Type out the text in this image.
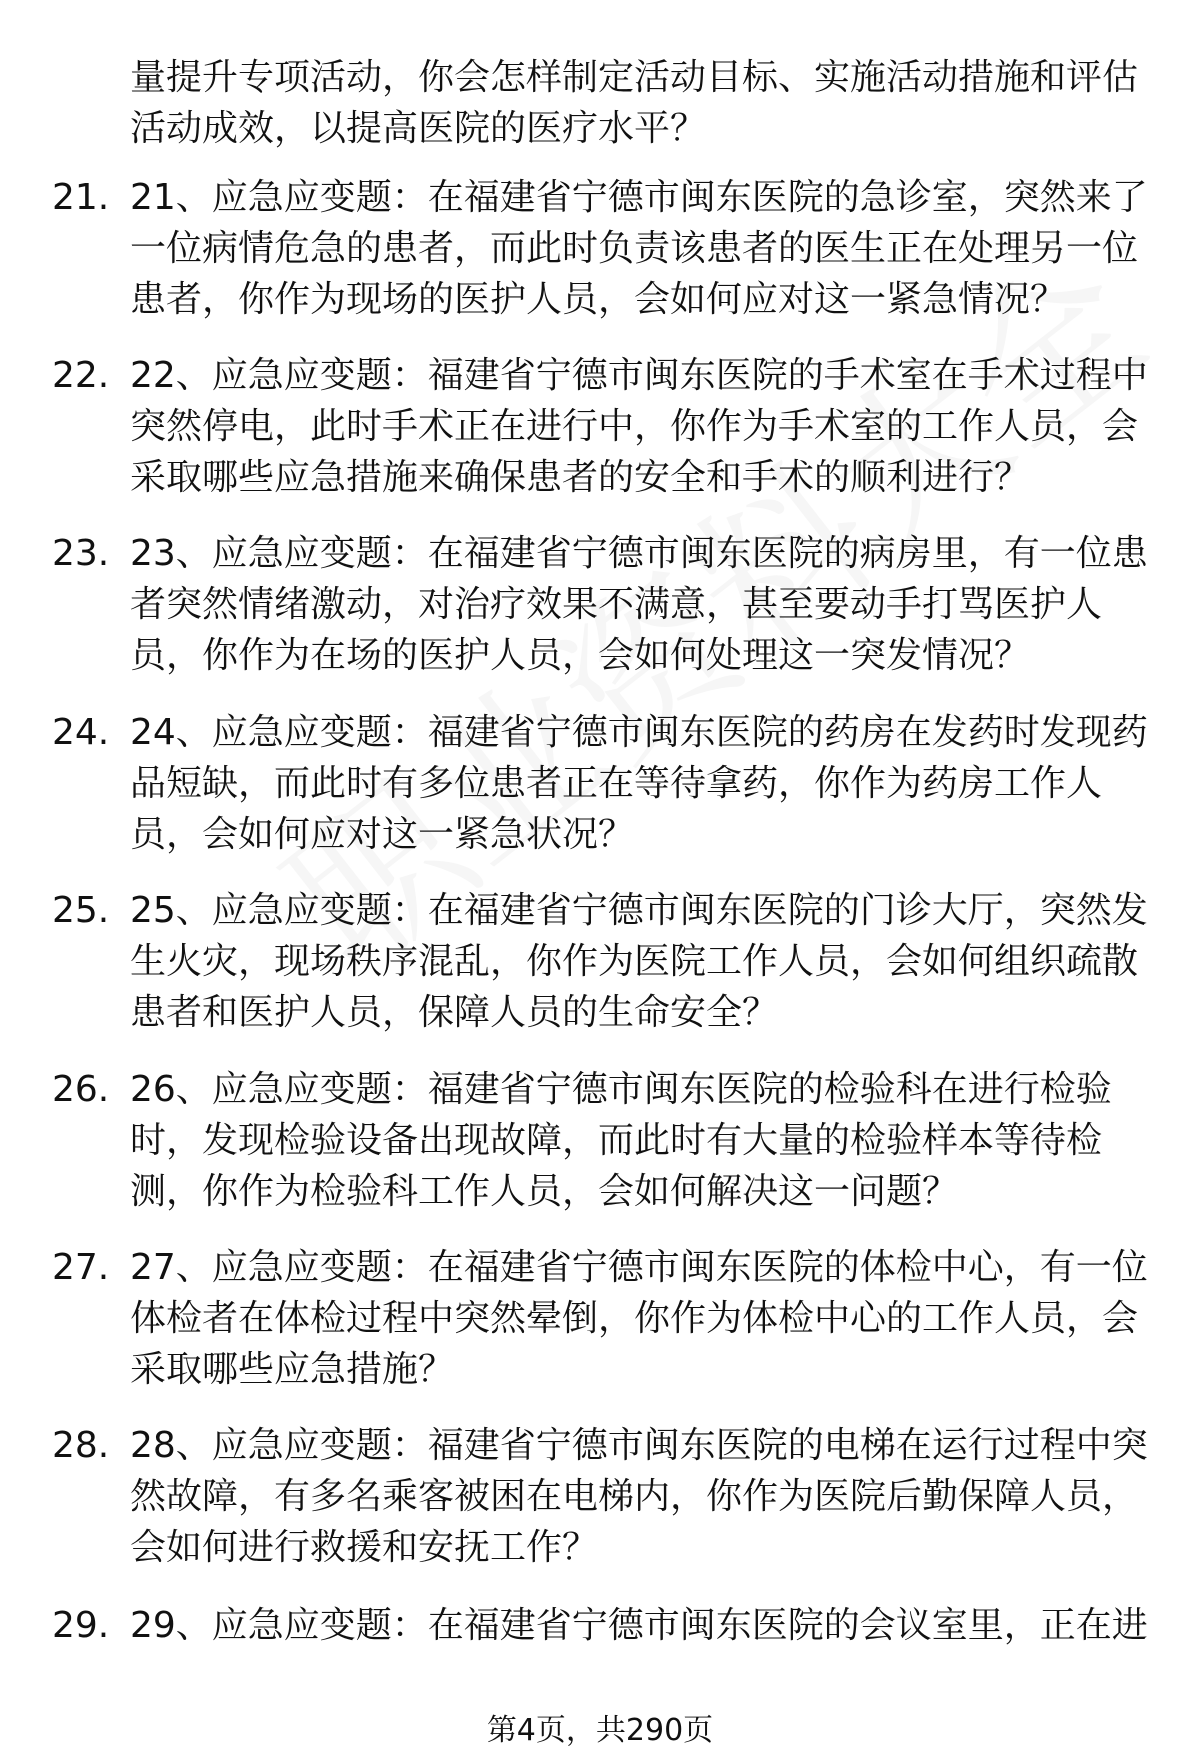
量提升专项活动，你会怎样制定活动目标、实施活动措施和评估
活动成效，以提高医院的医疗水平？
21. 21、应急应变题：在福建省宁德市闽东医院的急诊室，突然来了
一位病情危急的患者，而此时负责该患者的医生正在处理另一位
患者，你作为现场的医护人员，会如何应对这一紧急情况？
22. 22、应急应变题：福建省宁德市闽东医院的手术室在手术过程中
突然停电，此时手术正在进行中，你作为手术室的工作人员，会
采取哪些应急措施来确保患者的安全和手术的顺利进行？
23. 23、应急应变题：在福建省宁德市闽东医院的病房里，有一位患
者突然情绪激动，对治疗效果不满意，甚至要动手打骂医护人
员，你作为在场的医护人员，会如何处理这一突发情况？
24. 24、应急应变题：福建省宁德市闽东医院的药房在发药时发现药
品短缺，而此时有多位患者正在等待拿药，你作为药房工作人
员，会如何应对这一紧急状况？
25. 25、应急应变题：在福建省宁德市闽东医院的门诊大厅，突然发
生火灾，现场秩序混乱，你作为医院工作人员，会如何组织疏散
患者和医护人员，保障人员的生命安全？
26. 26、应急应变题：福建省宁德市闽东医院的检验科在进行检验
时，发现检验设备出现故障，而此时有大量的检验样本等待检
测，你作为检验科工作人员，会如何解决这一问题？
27. 27、应急应变题：在福建省宁德市闽东医院的体检中心，有一位
体检者在体检过程中突然晕倒，你作为体检中心的工作人员，会
采取哪些应急措施？
28. 28、应急应变题：福建省宁德市闽东医院的电梯在运行过程中突
然故障，有多名乘客被困在电梯内，你作为医院后勤保障人员，
会如何进行救援和安抚工作？
29. 29、应急应变题：在福建省宁德市闽东医院的会议室里，正在进
第4页，共290页
